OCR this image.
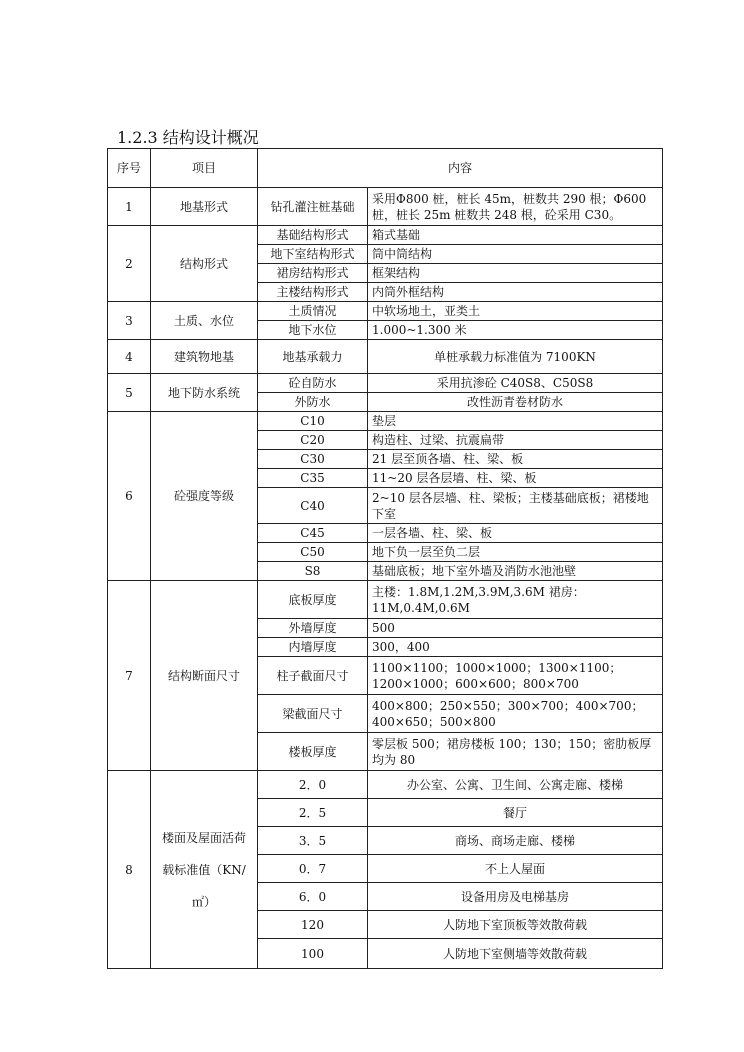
1.2.3 结构设计概况
序号	项目	内容	
1	地基形式	钻孔灌注桩基础	采用Φ800 桩，桩长 45m，桩数共 290 根；Φ600 桩，桩长 25m 桩数共 248 根，砼采用 C30。
2	结构形式	基础结构形式	箱式基础
		地下室结构形式	筒中筒结构
		裙房结构形式	框架结构
		主楼结构形式	内筒外框结构
3	土质、水位	土质情况	中软场地土，亚类土
		地下水位	1.000~1.300 米
4	建筑物地基	地基承载力	单桩承载力标准值为 7100KN
5	地下防水系统	砼自防水	采用抗渗砼 C40S8、C50S8
		外防水	改性沥青卷材防水
6	砼强度等级	C10	垫层
		C20	构造柱、过梁、抗震扁带
		C30	21 层至顶各墙、柱、梁、板
		C35	11~20 层各层墙、柱、梁、板
		C40	2~10 层各层墙、柱、梁板；主楼基础底板；裙楼地下室
		C45	一层各墙、柱、梁、板
		C50	地下负一层至负二层
		S8	基础底板；地下室外墙及消防水池池壁
7	结构断面尺寸	底板厚度	主楼：1.8M,1.2M,3.9M,3.6M 裙房：11M,0.4M,0.6M
		外墙厚度	500
		内墙厚度	300，400
		柱子截面尺寸	1100×1100；1000×1000；1300×1100；1200×1000；600×600；800×700
		梁截面尺寸	400×800；250×550；300×700；400×700；400×650；500×800
		楼板厚度	零层板 500；裙房楼板 100；130；150；密肋板厚均为 80
8	楼面及屋面活荷载标准值（KN/㎡）	2．0	办公室、公寓、卫生间、公寓走廊、楼梯
		2．5	餐厅
		3．5	商场、商场走廊、楼梯
		0．7	不上人屋面
		6．0	设备用房及电梯基房
		120	人防地下室顶板等效散荷载
		100	人防地下室侧墙等效散荷载
